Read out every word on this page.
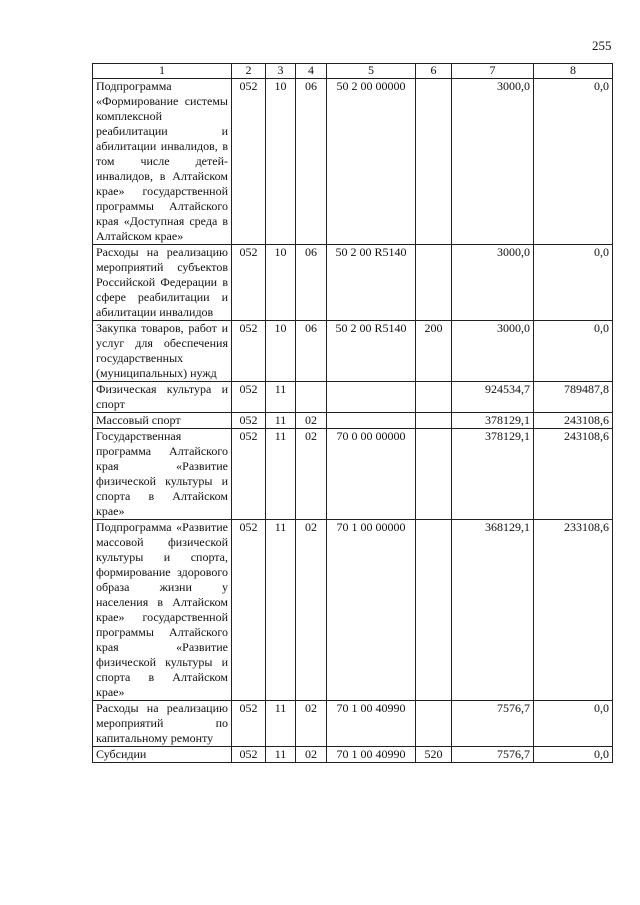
255
1	2	3	4	5	6	7	8
Подпрограмма «Формирование системы комплексной реабилитации и абилитации инвалидов, в том числе детей-инвалидов, в Алтайском крае» государственной программы Алтайского края «Доступная среда в Алтайском крае»	052	10	06	50 2 00 00000		3000,0	0,0
Расходы на реализацию мероприятий субъектов Российской Федерации в сфере реабилитации и абилитации инвалидов	052	10	06	50 2 00 R5140		3000,0	0,0
Закупка товаров, работ и услуг для обеспечения государственных (муниципальных) нужд	052	10	06	50 2 00 R5140	200	3000,0	0,0
Физическая культура и спорт	052	11				924534,7	789487,8
Массовый спорт	052	11	02			378129,1	243108,6
Государственная программа Алтайского края «Развитие физической культуры и спорта в Алтайском крае»	052	11	02	70 0 00 00000		378129,1	243108,6
Подпрограмма «Развитие массовой физической культуры и спорта, формирование здорового образа жизни у населения в Алтайском крае» государственной программы Алтайского края «Развитие физической культуры и спорта в Алтайском крае»	052	11	02	70 1 00 00000		368129,1	233108,6
Расходы на реализацию мероприятий по капитальному ремонту	052	11	02	70 1 00 40990		7576,7	0,0
Субсидии	052	11	02	70 1 00 40990	520	7576,7	0,0
